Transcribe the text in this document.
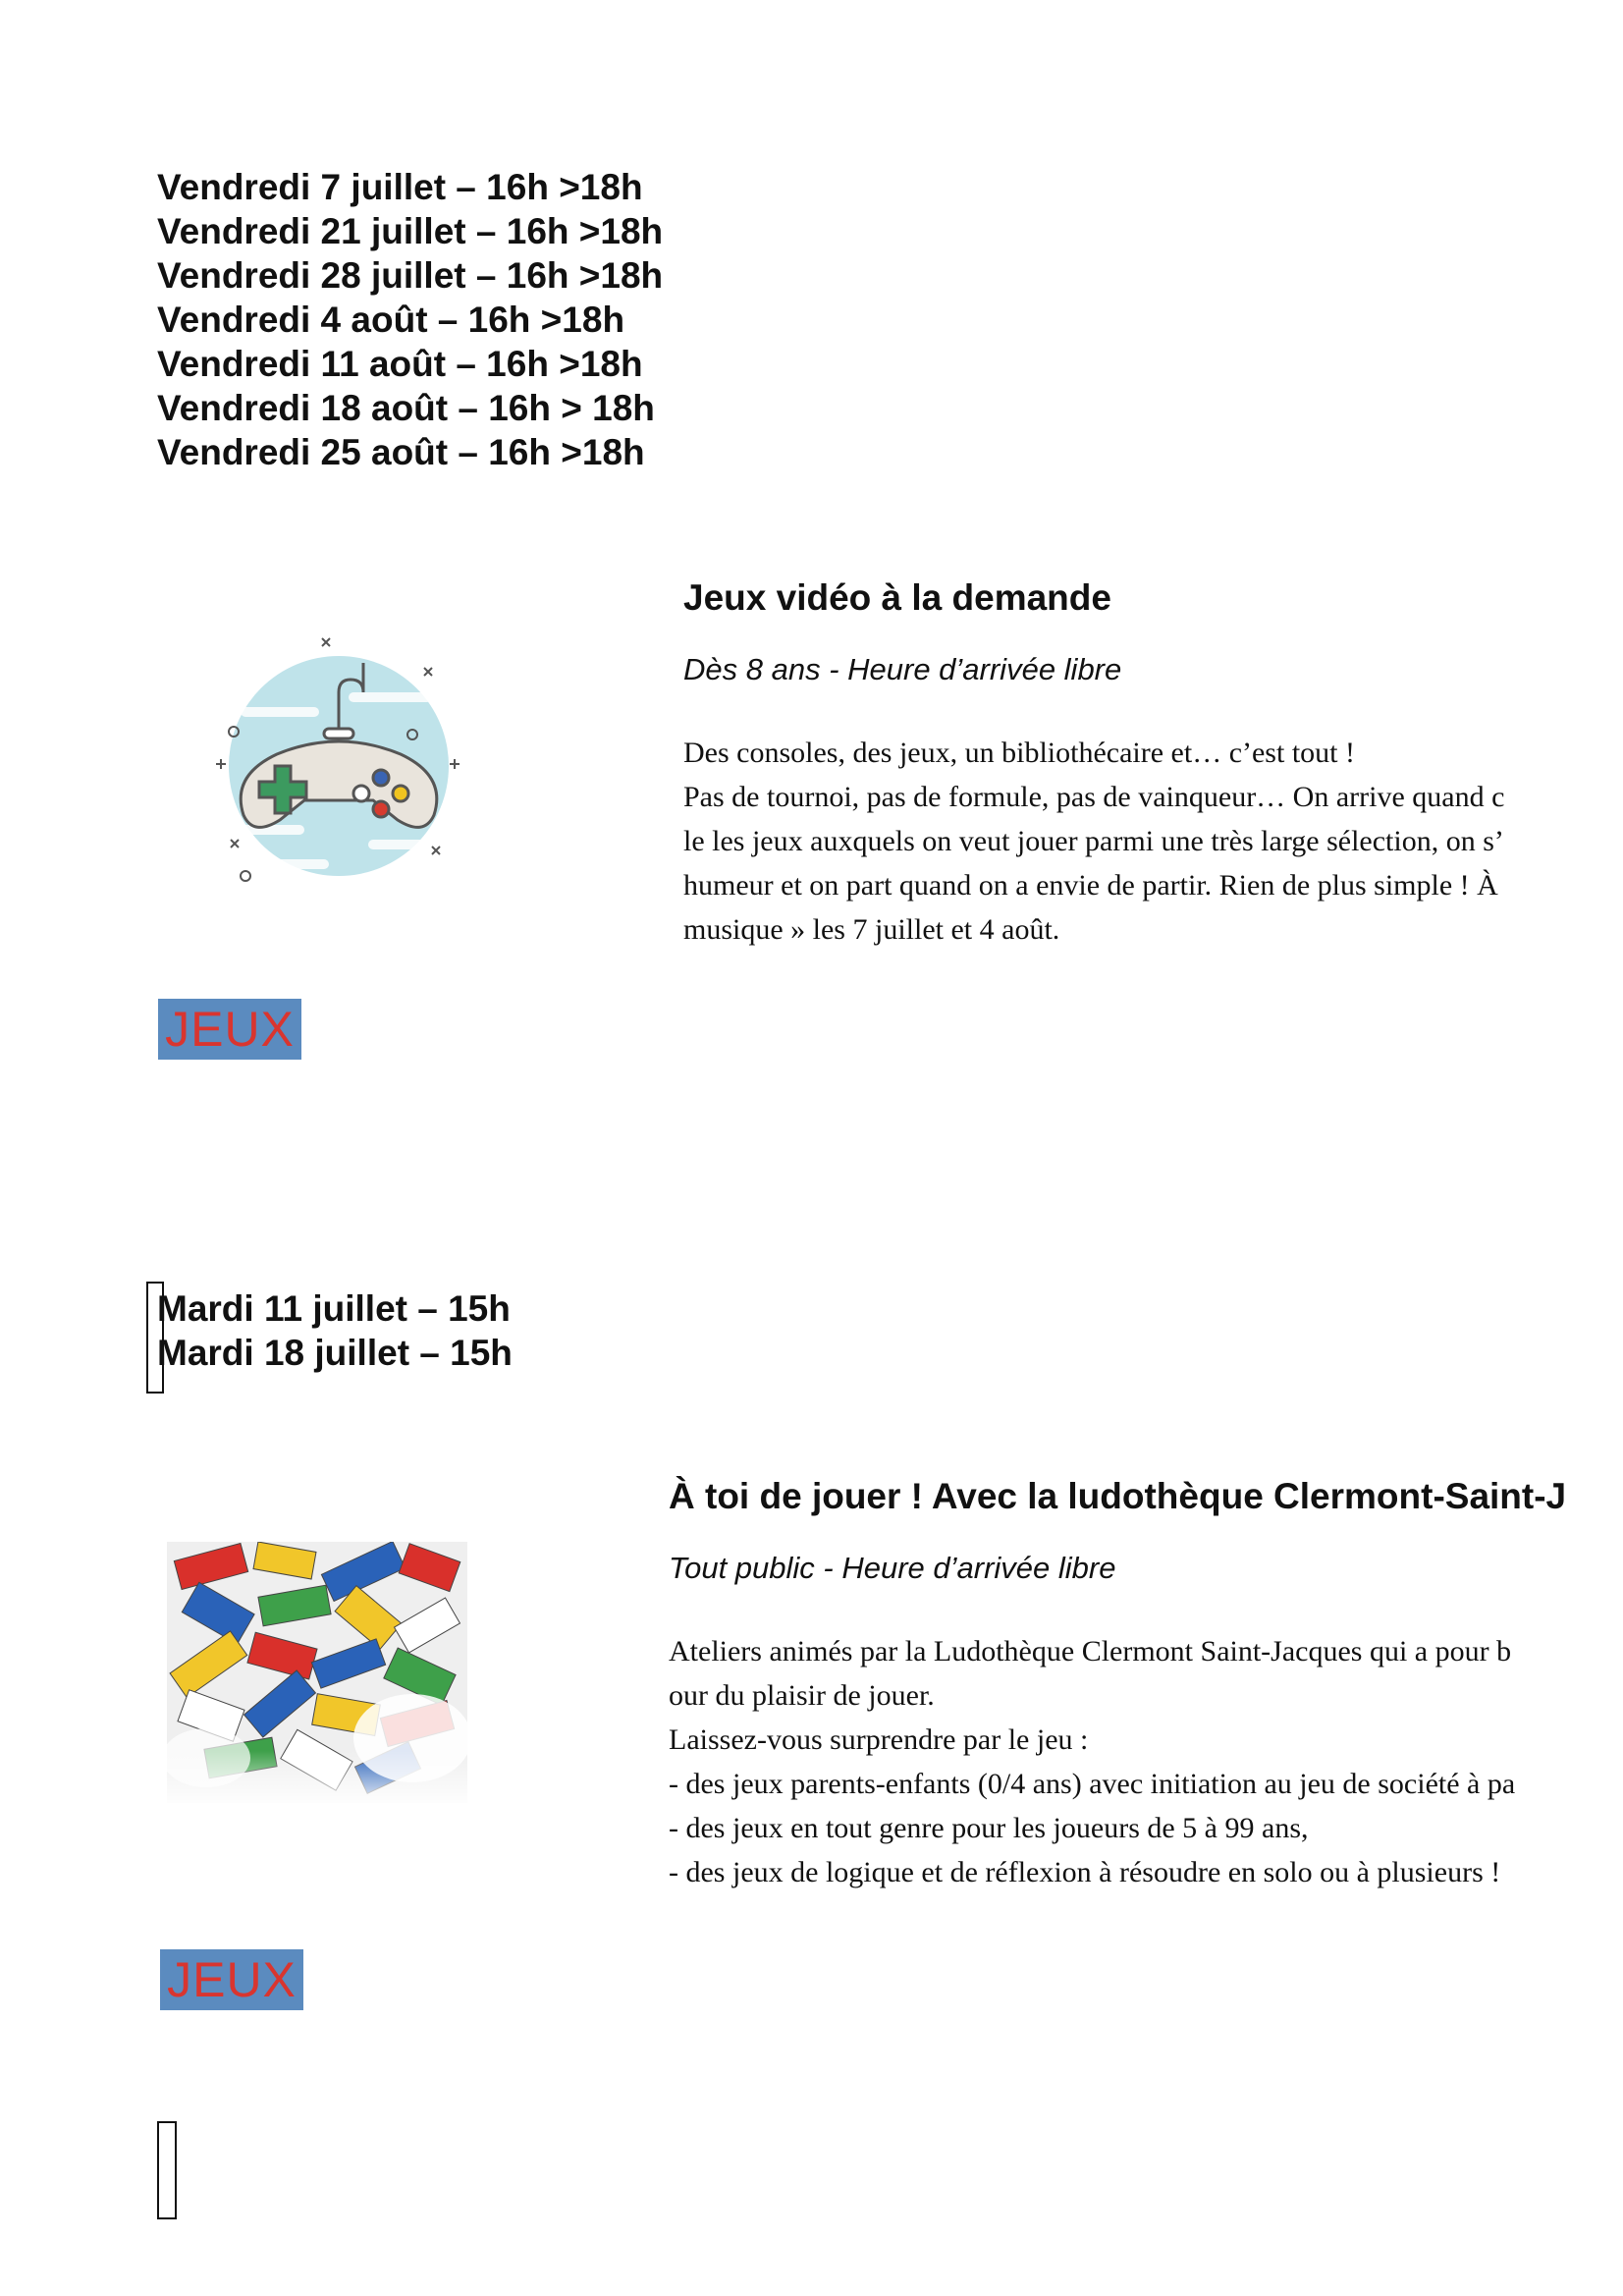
Vendredi 7 juillet – 16h >18h
Vendredi 21 juillet – 16h >18h
Vendredi 28 juillet – 16h >18h
Vendredi 4 août – 16h >18h
Vendredi 11 août – 16h >18h
Vendredi 18 août – 16h > 18h
Vendredi 25 août – 16h >18h
Jeux vidéo à la demande

Dès 8 ans - Heure d’arrivée libre

Des consoles, des jeux, un bibliothécaire et… c’est tout !
Pas de tournoi, pas de formule, pas de vainqueur… On arrive quand c
le les jeux auxquels on veut jouer parmi une très large sélection, on s’
humeur et on part quand on a envie de partir. Rien de plus simple ! À
musique » les 7 juillet et 4 août.
JEUX
Mardi 11 juillet – 15h
Mardi 18 juillet – 15h
À toi de jouer ! Avec la ludothèque Clermont-Saint-J

Tout public - Heure d’arrivée libre

Ateliers animés par la Ludothèque Clermont Saint-Jacques qui a pour b
our du plaisir de jouer.
Laissez-vous surprendre par le jeu :
- des jeux parents-enfants (0/4 ans) avec initiation au jeu de société à pa
- des jeux en tout genre pour les joueurs de 5 à 99 ans,
- des jeux de logique et de réflexion à résoudre en solo ou à plusieurs !
JEUX
